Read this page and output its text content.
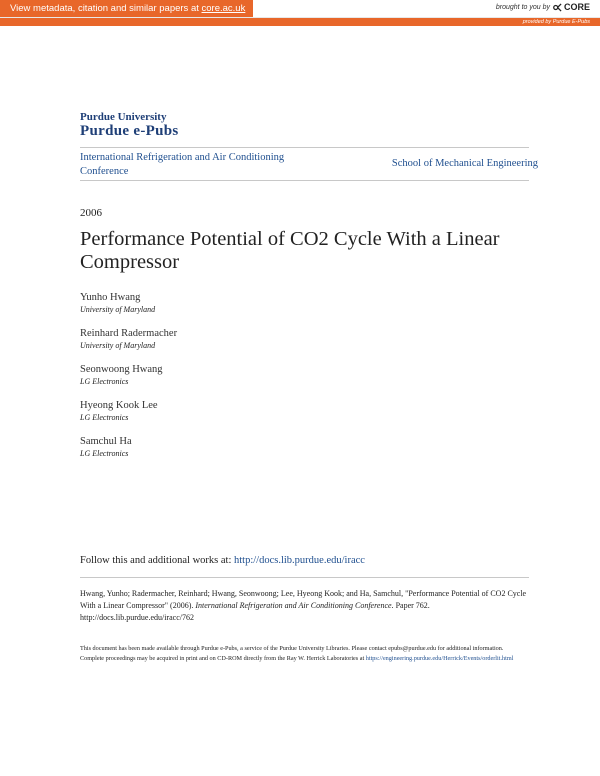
View metadata, citation and similar papers at core.ac.uk	brought to you by CORE
provided by Purdue E-Pubs
Purdue University
Purdue e-Pubs
International Refrigeration and Air Conditioning Conference
School of Mechanical Engineering
2006
Performance Potential of CO2 Cycle With a Linear Compressor
Yunho Hwang
University of Maryland
Reinhard Radermacher
University of Maryland
Seonwoong Hwang
LG Electronics
Hyeong Kook Lee
LG Electronics
Samchul Ha
LG Electronics
Follow this and additional works at: http://docs.lib.purdue.edu/iracc
Hwang, Yunho; Radermacher, Reinhard; Hwang, Seonwoong; Lee, Hyeong Kook; and Ha, Samchul, "Performance Potential of CO2 Cycle With a Linear Compressor" (2006). International Refrigeration and Air Conditioning Conference. Paper 762.
http://docs.lib.purdue.edu/iracc/762
This document has been made available through Purdue e-Pubs, a service of the Purdue University Libraries. Please contact epubs@purdue.edu for additional information.
Complete proceedings may be acquired in print and on CD-ROM directly from the Ray W. Herrick Laboratories at https://engineering.purdue.edu/Herrick/Events/orderlit.html
